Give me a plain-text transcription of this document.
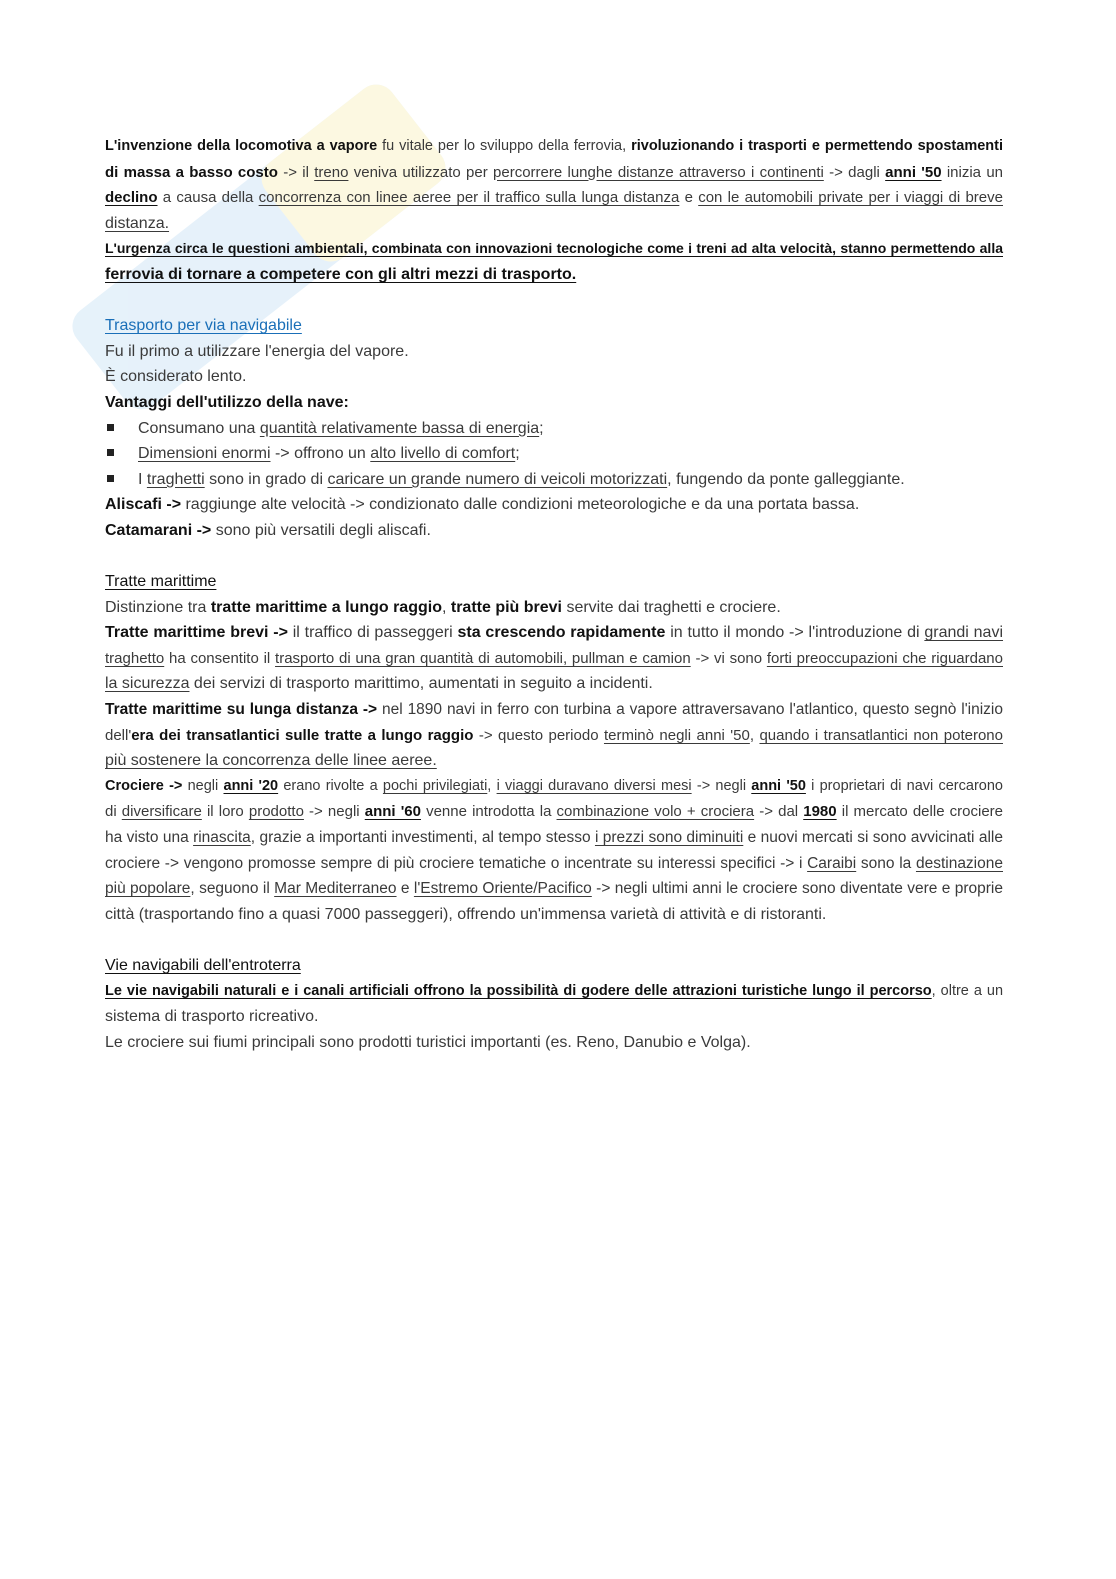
L'invenzione della locomotiva a vapore fu vitale per lo sviluppo della ferrovia, rivoluzionando i trasporti e permettendo spostamenti
di massa a basso costo -> il treno veniva utilizzato per percorrere lunghe distanze attraverso i continenti -> dagli anni '50 inizia un
declino a causa della concorrenza con linee aeree per il traffico sulla lunga distanza e con le automobili private per i viaggi di breve
distanza.
L'urgenza circa le questioni ambientali, combinata con innovazioni tecnologiche come i treni ad alta velocità, stanno permettendo alla
ferrovia di tornare a competere con gli altri mezzi di trasporto.
Trasporto per via navigabile
Fu il primo a utilizzare l'energia del vapore.
È considerato lento.
Vantaggi dell'utilizzo della nave:
Consumano una quantità relativamente bassa di energia;
Dimensioni enormi -> offrono un alto livello di comfort;
I traghetti sono in grado di caricare un grande numero di veicoli motorizzati, fungendo da ponte galleggiante.
Aliscafi -> raggiunge alte velocità -> condizionato dalle condizioni meteorologiche e da una portata bassa.
Catamarani -> sono più versatili degli aliscafi.
Tratte marittime
Distinzione tra tratte marittime a lungo raggio, tratte più brevi servite dai traghetti e crociere.
Tratte marittime brevi -> il traffico di passeggeri sta crescendo rapidamente in tutto il mondo -> l'introduzione di grandi navi
traghetto ha consentito il trasporto di una gran quantità di automobili, pullman e camion -> vi sono forti preoccupazioni che riguardano
la sicurezza dei servizi di trasporto marittimo, aumentati in seguito a incidenti.
Tratte marittime su lunga distanza -> nel 1890 navi in ferro con turbina a vapore attraversavano l'atlantico, questo segnò l'inizio
dell'era dei transatlantici sulle tratte a lungo raggio -> questo periodo terminò negli anni '50, quando i transatlantici non poterono
più sostenere la concorrenza delle linee aeree.
Crociere -> negli anni '20 erano rivolte a pochi privilegiati, i viaggi duravano diversi mesi -> negli anni '50 i proprietari di navi cercarono
di diversificare il loro prodotto -> negli anni '60 venne introdotta la combinazione volo + crociera -> dal 1980 il mercato delle crociere
ha visto una rinascita, grazie a importanti investimenti, al tempo stesso i prezzi sono diminuiti e nuovi mercati si sono avvicinati alle
crociere -> vengono promosse sempre di più crociere tematiche o incentrate su interessi specifici -> i Caraibi sono la destinazione
più popolare, seguono il Mar Mediterraneo e l'Estremo Oriente/Pacifico -> negli ultimi anni le crociere sono diventate vere e proprie
città (trasportando fino a quasi 7000 passeggeri), offrendo un'immensa varietà di attività e di ristoranti.
Vie navigabili dell'entroterra
Le vie navigabili naturali e i canali artificiali offrono la possibilità di godere delle attrazioni turistiche lungo il percorso, oltre a un
sistema di trasporto ricreativo.
Le crociere sui fiumi principali sono prodotti turistici importanti (es. Reno, Danubio e Volga).
